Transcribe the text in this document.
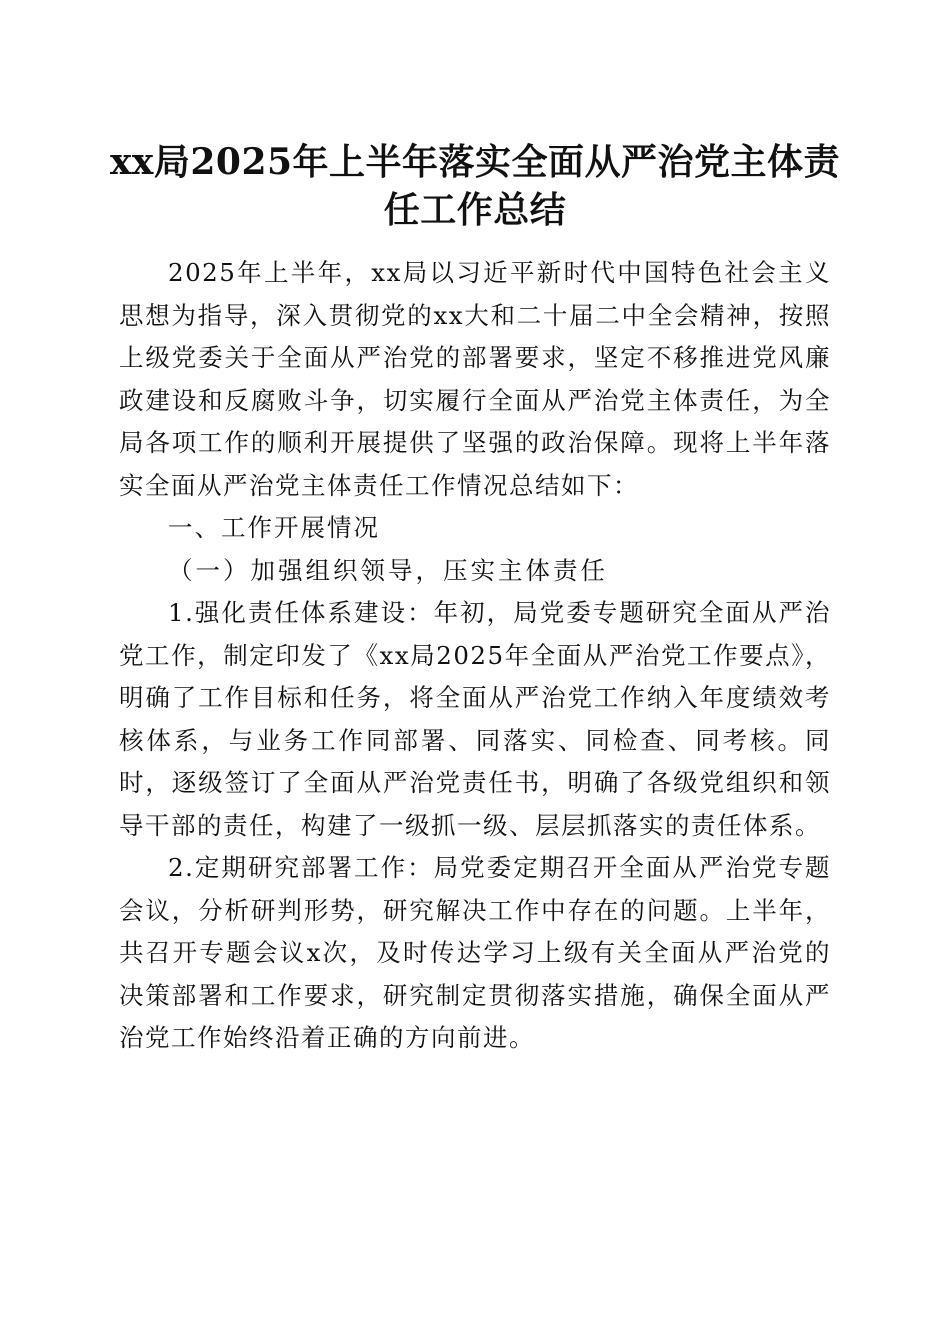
xx局2025年上半年落实全面从严治党主体责任工作总结

2025年上半年，xx局以习近平新时代中国特色社会主义思想为指导，深入贯彻党的xx大和二十届二中全会精神，按照上级党委关于全面从严治党的部署要求，坚定不移推进党风廉政建设和反腐败斗争，切实履行全面从严治党主体责任，为全局各项工作的顺利开展提供了坚强的政治保障。现将上半年落实全面从严治党主体责任工作情况总结如下：

一、工作开展情况

（一）加强组织领导，压实主体责任

1.强化责任体系建设：年初，局党委专题研究全面从严治党工作，制定印发了《xx局2025年全面从严治党工作要点》，明确了工作目标和任务，将全面从严治党工作纳入年度绩效考核体系，与业务工作同部署、同落实、同检查、同考核。同时，逐级签订了全面从严治党责任书，明确了各级党组织和领导干部的责任，构建了一级抓一级、层层抓落实的责任体系。

2.定期研究部署工作：局党委定期召开全面从严治党专题会议，分析研判形势，研究解决工作中存在的问题。上半年，共召开专题会议x次，及时传达学习上级有关全面从严治党的决策部署和工作要求，研究制定贯彻落实措施，确保全面从严治党工作始终沿着正确的方向前进。
